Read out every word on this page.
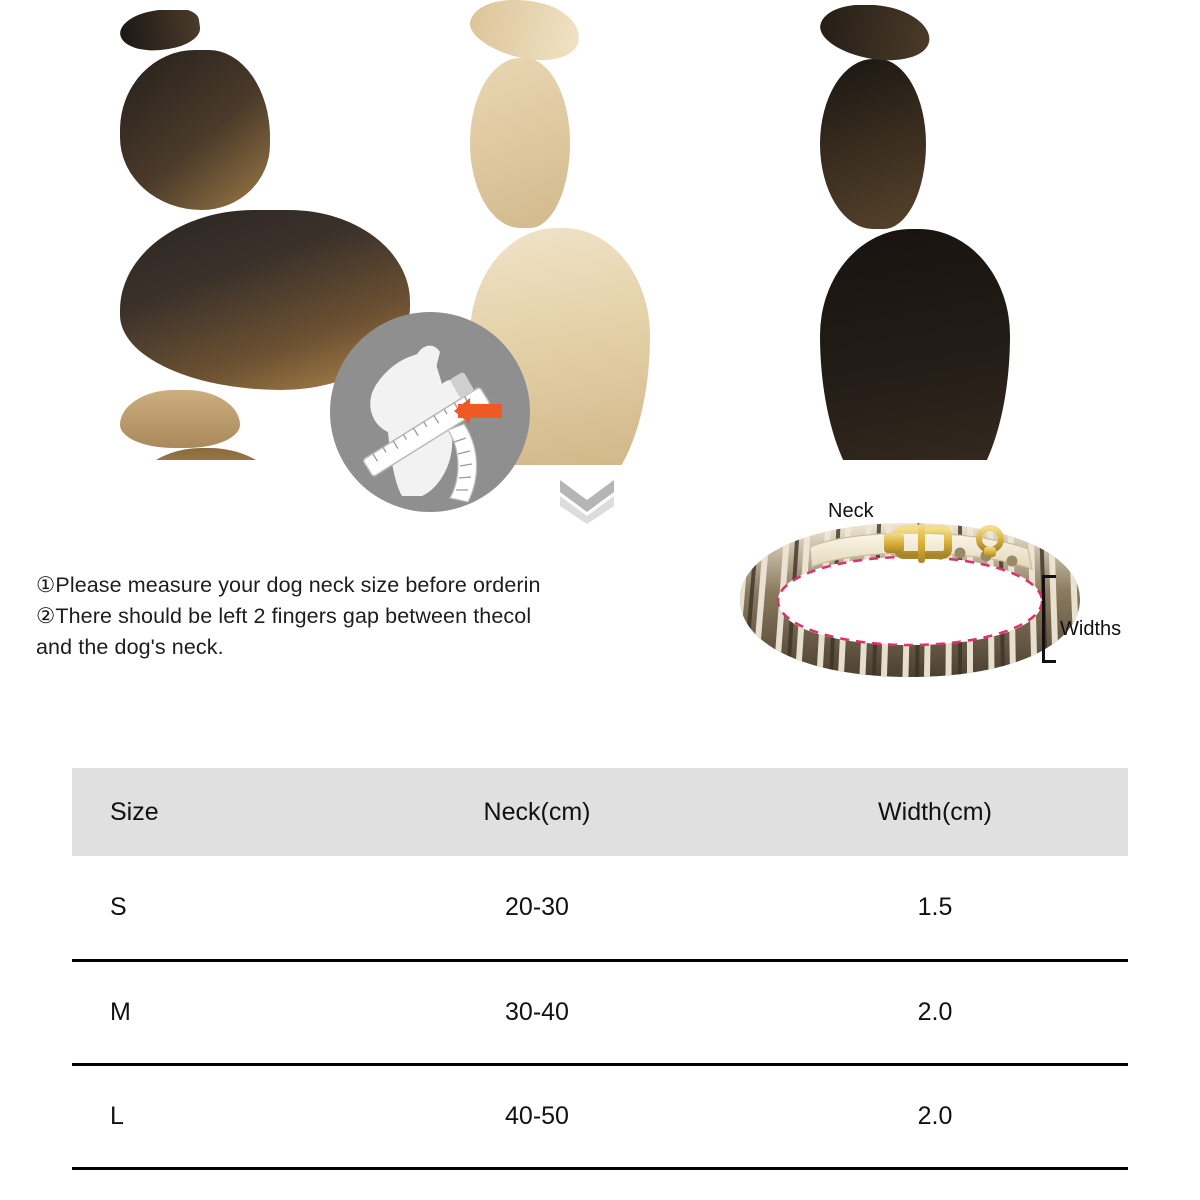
①Please measure your dog neck size before orderin
②There should be left 2 fingers gap between thecol
and the dog's neck.
Neck
Widths
Size	Neck(cm)	Width(cm)
S	20-30	1.5
M	30-40	2.0
L	40-50	2.0
